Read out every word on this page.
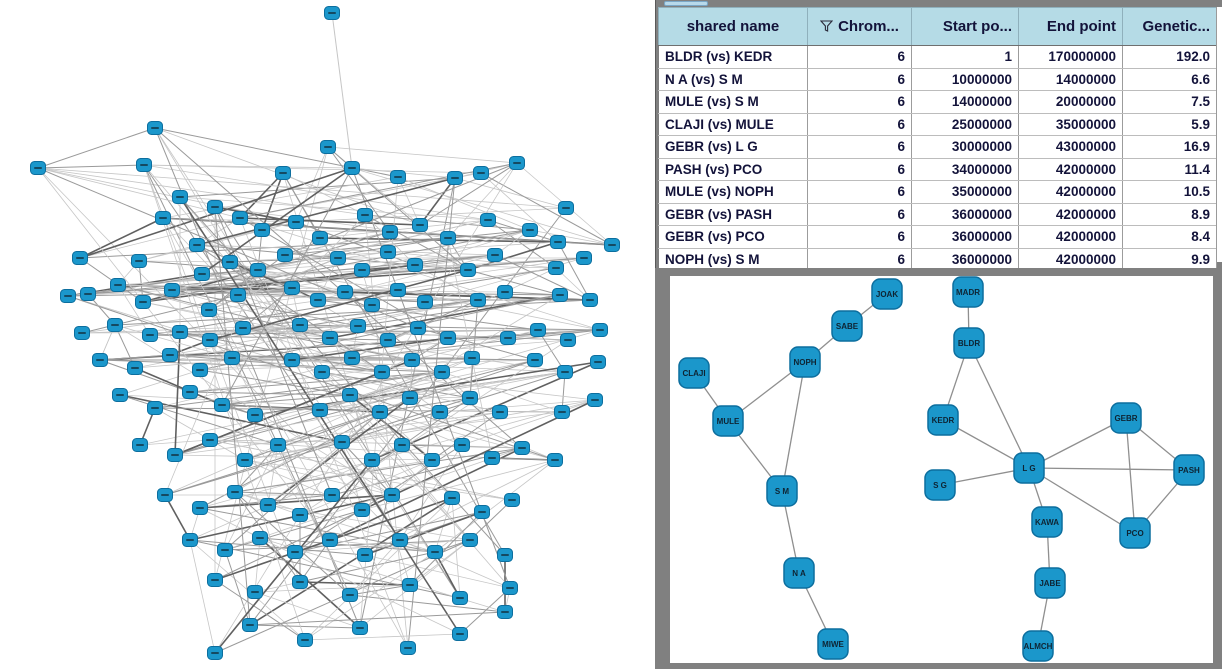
shared name	Chrom...	Start po...	End point	Genetic...
BLDR (vs) KEDR	6	1	170000000	192.0
N A (vs) S M	6	10000000	14000000	6.6
MULE (vs) S M	6	14000000	20000000	7.5
CLAJI (vs) MULE	6	25000000	35000000	5.9
GEBR (vs) L G	6	30000000	43000000	16.9
PASH (vs) PCO	6	34000000	42000000	11.4
MULE (vs) NOPH	6	35000000	42000000	10.5
GEBR (vs) PASH	6	36000000	42000000	8.9
GEBR (vs) PCO	6	36000000	42000000	8.4
NOPH (vs) S M	6	36000000	42000000	9.9
JOAK
SABE
NOPH
CLAJI
MULE
S M
N A
MIWE
MADR
BLDR
KEDR
S G
L G
GEBR
PASH
PCO
KAWA
JABE
ALMCH
